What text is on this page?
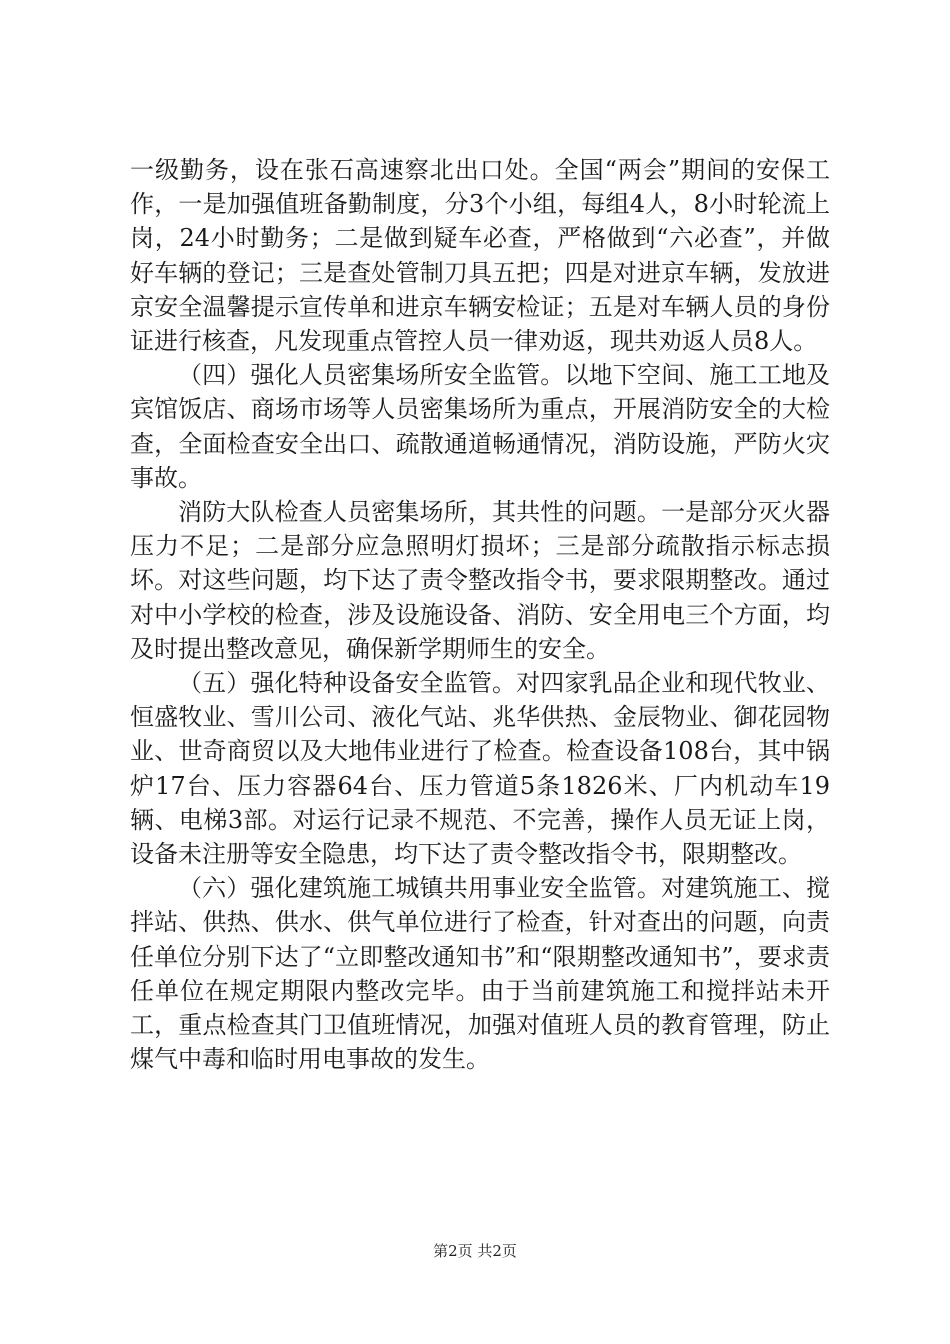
一级勤务，设在张石高速察北出口处。全国“两会”期间的安保工作，一是加强值班备勤制度，分3个小组，每组4人，8小时轮流上岗，24小时勤务；二是做到疑车必查，严格做到“六必查”，并做好车辆的登记；三是查处管制刀具五把；四是对进京车辆，发放进京安全温馨提示宣传单和进京车辆安检证；五是对车辆人员的身份证进行核查，凡发现重点管控人员一律劝返，现共劝返人员8人。

（四）强化人员密集场所安全监管。以地下空间、施工工地及宾馆饭店、商场市场等人员密集场所为重点，开展消防安全的大检查，全面检查安全出口、疏散通道畅通情况，消防设施，严防火灾事故。

消防大队检查人员密集场所，其共性的问题。一是部分灭火器压力不足；二是部分应急照明灯损坏；三是部分疏散指示标志损坏。对这些问题，均下达了责令整改指令书，要求限期整改。通过对中小学校的检查，涉及设施设备、消防、安全用电三个方面，均及时提出整改意见，确保新学期师生的安全。

（五）强化特种设备安全监管。对四家乳品企业和现代牧业、恒盛牧业、雪川公司、液化气站、兆华供热、金辰物业、御花园物业、世奇商贸以及大地伟业进行了检查。检查设备108台，其中锅炉17台、压力容器64台、压力管道5条1826米、厂内机动车19辆、电梯3部。对运行记录不规范、不完善，操作人员无证上岗，设备未注册等安全隐患，均下达了责令整改指令书，限期整改。

（六）强化建筑施工城镇共用事业安全监管。对建筑施工、搅拌站、供热、供水、供气单位进行了检查，针对查出的问题，向责任单位分别下达了“立即整改通知书”和“限期整改通知书”，要求责任单位在规定期限内整改完毕。由于当前建筑施工和搅拌站未开工，重点检查其门卫值班情况，加强对值班人员的教育管理，防止煤气中毒和临时用电事故的发生。

第2页 共2页
